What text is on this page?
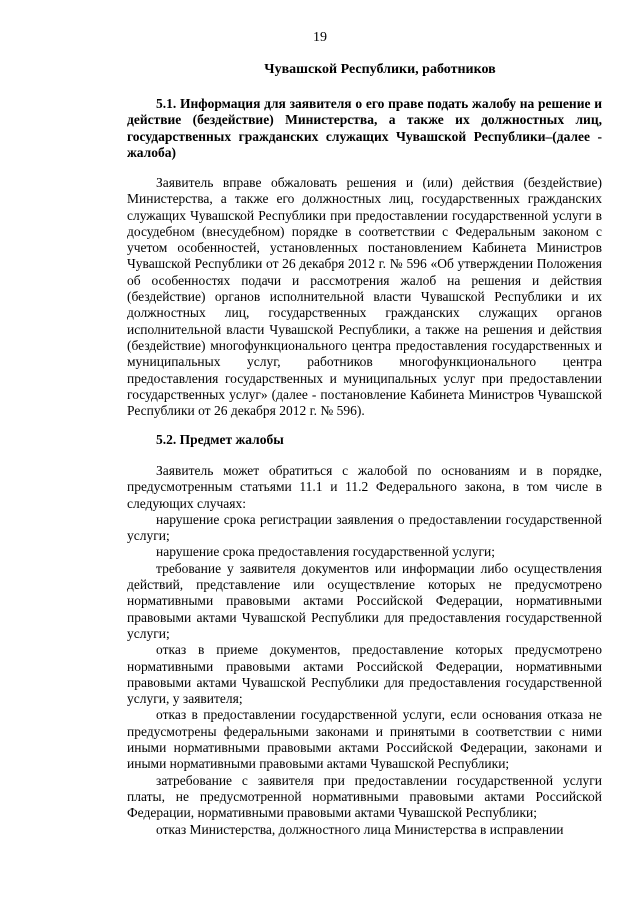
19
Чувашской Республики, работников

5.1. Информация для заявителя о его праве подать жалобу на решение и действие (бездействие) Министерства, а также их должностных лиц, государственных гражданских служащих Чувашской Республики–(далее - жалоба)

Заявитель вправе обжаловать решения и (или) действия (бездействие) Министерства, а также его должностных лиц, государственных гражданских служащих Чувашской Республики при предоставлении государственной услуги в досудебном (внесудебном) порядке в соответствии с Федеральным законом с учетом особенностей, установленных постановлением Кабинета Министров Чувашской Республики от 26 декабря 2012 г. № 596 «Об утверждении Положения об особенностях подачи и рассмотрения жалоб на решения и действия (бездействие) органов исполнительной власти Чувашской Республики и их должностных лиц, государственных гражданских служащих органов исполнительной власти Чувашской Республики, а также на решения и действия (бездействие) многофункционального центра предоставления государственных и муниципальных услуг, работников многофункционального центра предоставления государственных и муниципальных услуг при предоставлении государственных услуг» (далее - постановление Кабинета Министров Чувашской Республики от 26 декабря 2012 г. № 596).

5.2. Предмет жалобы

Заявитель может обратиться с жалобой по основаниям и в порядке, предусмотренным статьями 11.1 и 11.2 Федерального закона, в том числе в следующих случаях:

нарушение срока регистрации заявления о предоставлении государственной услуги;

нарушение срока предоставления государственной услуги;

требование у заявителя документов или информации либо осуществления действий, представление или осуществление которых не предусмотрено нормативными правовыми актами Российской Федерации, нормативными правовыми актами Чувашской Республики для предоставления государственной услуги;

отказ в приеме документов, предоставление которых предусмотрено нормативными правовыми актами Российской Федерации, нормативными правовыми актами Чувашской Республики для предоставления государственной услуги, у заявителя;

отказ в предоставлении государственной услуги, если основания отказа не предусмотрены федеральными законами и принятыми в соответствии с ними иными нормативными правовыми актами Российской Федерации, законами и иными нормативными правовыми актами Чувашской Республики;

затребование с заявителя при предоставлении государственной услуги платы, не предусмотренной нормативными правовыми актами Российской Федерации, нормативными правовыми актами Чувашской Республики;

отказ Министерства, должностного лица Министерства в исправлении
